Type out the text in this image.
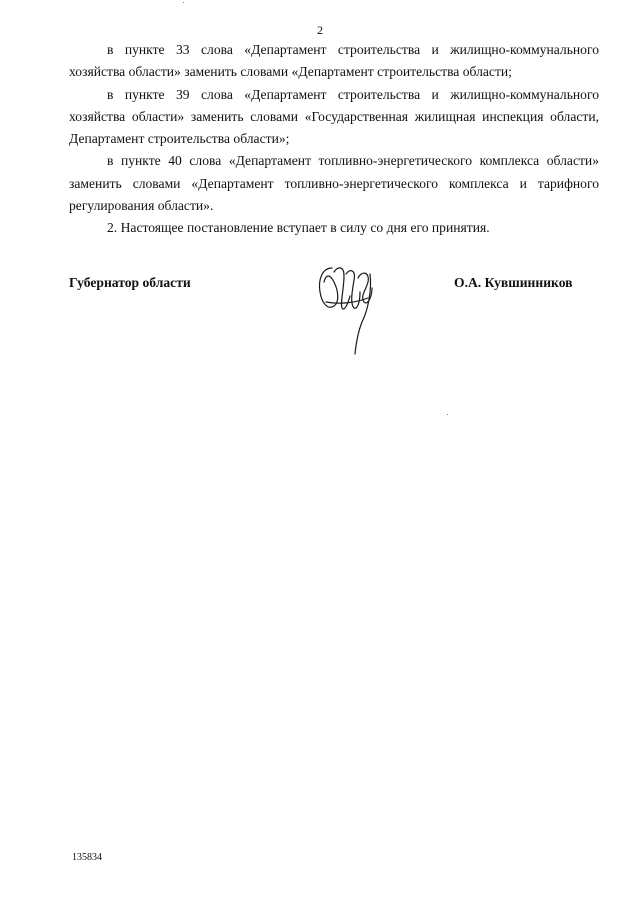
2

в пункте 33 слова «Департамент строительства и жилищно-коммунального хозяйства области» заменить словами «Департамент строительства области;

в пункте 39 слова «Департамент строительства и жилищно-коммунального хозяйства области» заменить словами «Государственная жилищная инспекция области, Департамент строительства области»;

в пункте 40 слова «Департамент топливно-энергетического комплекса области» заменить словами «Департамент топливно-энергетического комплекса и тарифного регулирования области».

2. Настоящее постановление вступает в силу со дня его принятия.

Губернатор области	О.А. Кувшинников
135834
